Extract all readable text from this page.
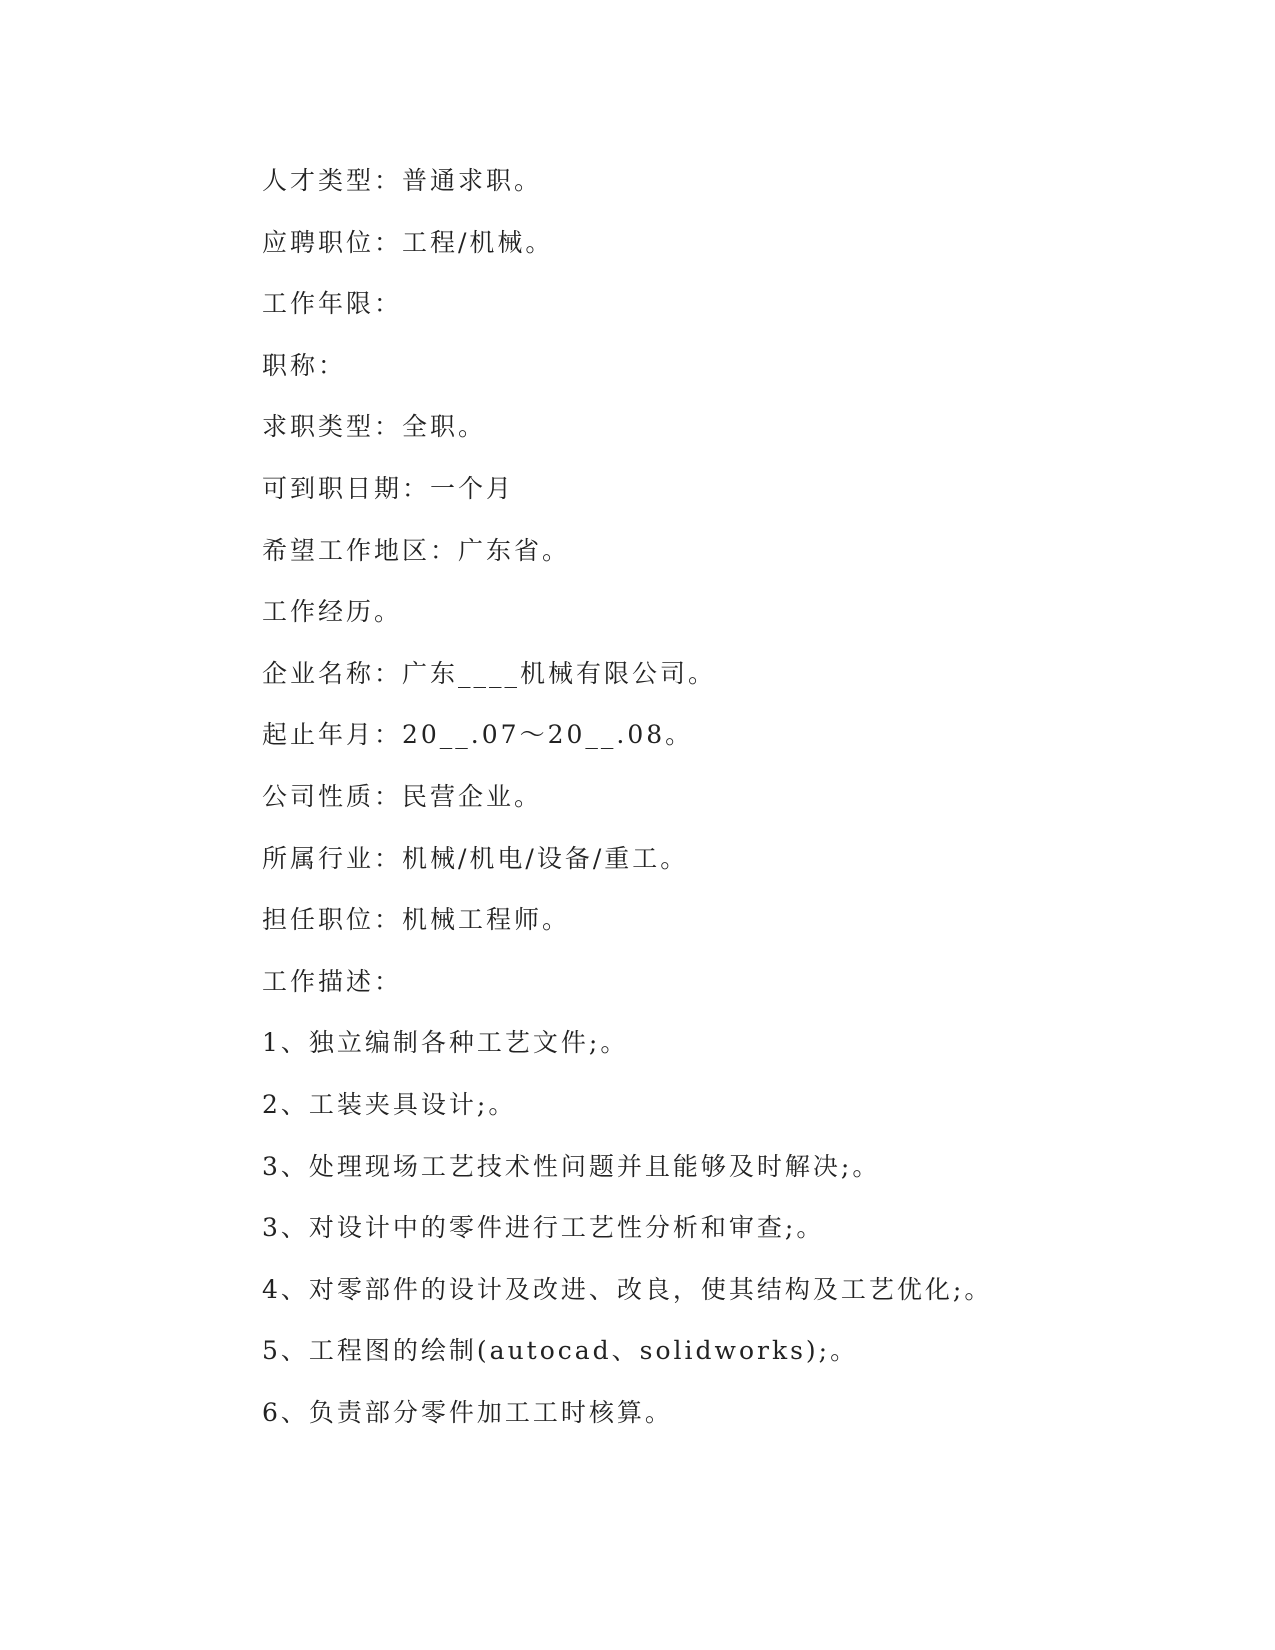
人才类型：普通求职。
应聘职位：工程/机械。
工作年限：
职称：
求职类型：全职。
可到职日期：一个月
希望工作地区：广东省。
工作经历。
企业名称：广东____机械有限公司。
起止年月：20__.07～20__.08。
公司性质：民营企业。
所属行业：机械/机电/设备/重工。
担任职位：机械工程师。
工作描述：
1、独立编制各种工艺文件;。
2、工装夹具设计;。
3、处理现场工艺技术性问题并且能够及时解决;。
3、对设计中的零件进行工艺性分析和审查;。
4、对零部件的设计及改进、改良，使其结构及工艺优化;。
5、工程图的绘制(autocad、solidworks);。
6、负责部分零件加工工时核算。
